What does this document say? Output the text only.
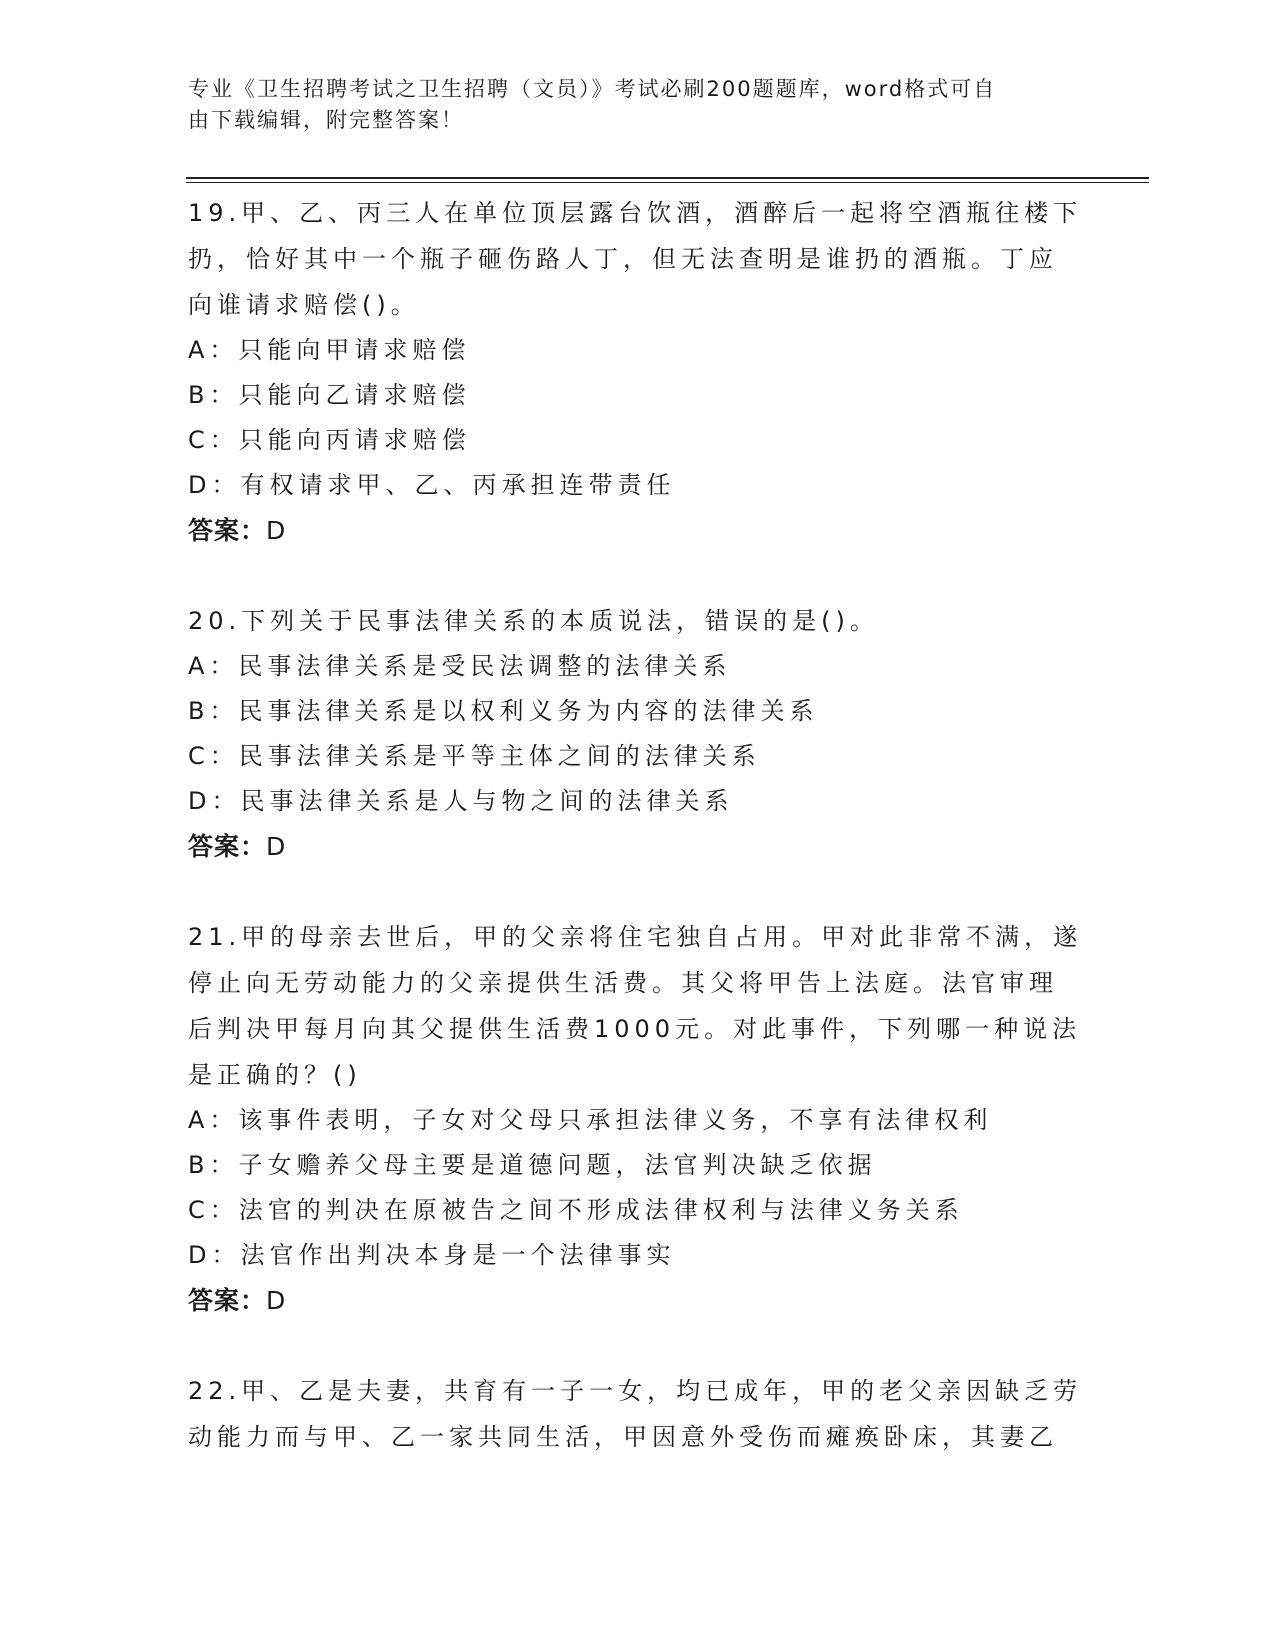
专业《卫生招聘考试之卫生招聘（文员）》考试必刷200题题库，word格式可自
由下载编辑，附完整答案！
19.甲、乙、丙三人在单位顶层露台饮酒，酒醉后一起将空酒瓶往楼下
扔，恰好其中一个瓶子砸伤路人丁，但无法查明是谁扔的酒瓶。丁应
向谁请求赔偿()。
A：只能向甲请求赔偿
B：只能向乙请求赔偿
C：只能向丙请求赔偿
D：有权请求甲、乙、丙承担连带责任
答案：D
20.下列关于民事法律关系的本质说法，错误的是()。
A：民事法律关系是受民法调整的法律关系
B：民事法律关系是以权利义务为内容的法律关系
C：民事法律关系是平等主体之间的法律关系
D：民事法律关系是人与物之间的法律关系
答案：D
21.甲的母亲去世后，甲的父亲将住宅独自占用。甲对此非常不满，遂
停止向无劳动能力的父亲提供生活费。其父将甲告上法庭。法官审理
后判决甲每月向其父提供生活费1000元。对此事件，下列哪一种说法
是正确的？()
A：该事件表明，子女对父母只承担法律义务，不享有法律权利
B：子女赡养父母主要是道德问题，法官判决缺乏依据
C：法官的判决在原被告之间不形成法律权利与法律义务关系
D：法官作出判决本身是一个法律事实
答案：D
22.甲、乙是夫妻，共育有一子一女，均已成年，甲的老父亲因缺乏劳
动能力而与甲、乙一家共同生活，甲因意外受伤而瘫痪卧床，其妻乙
